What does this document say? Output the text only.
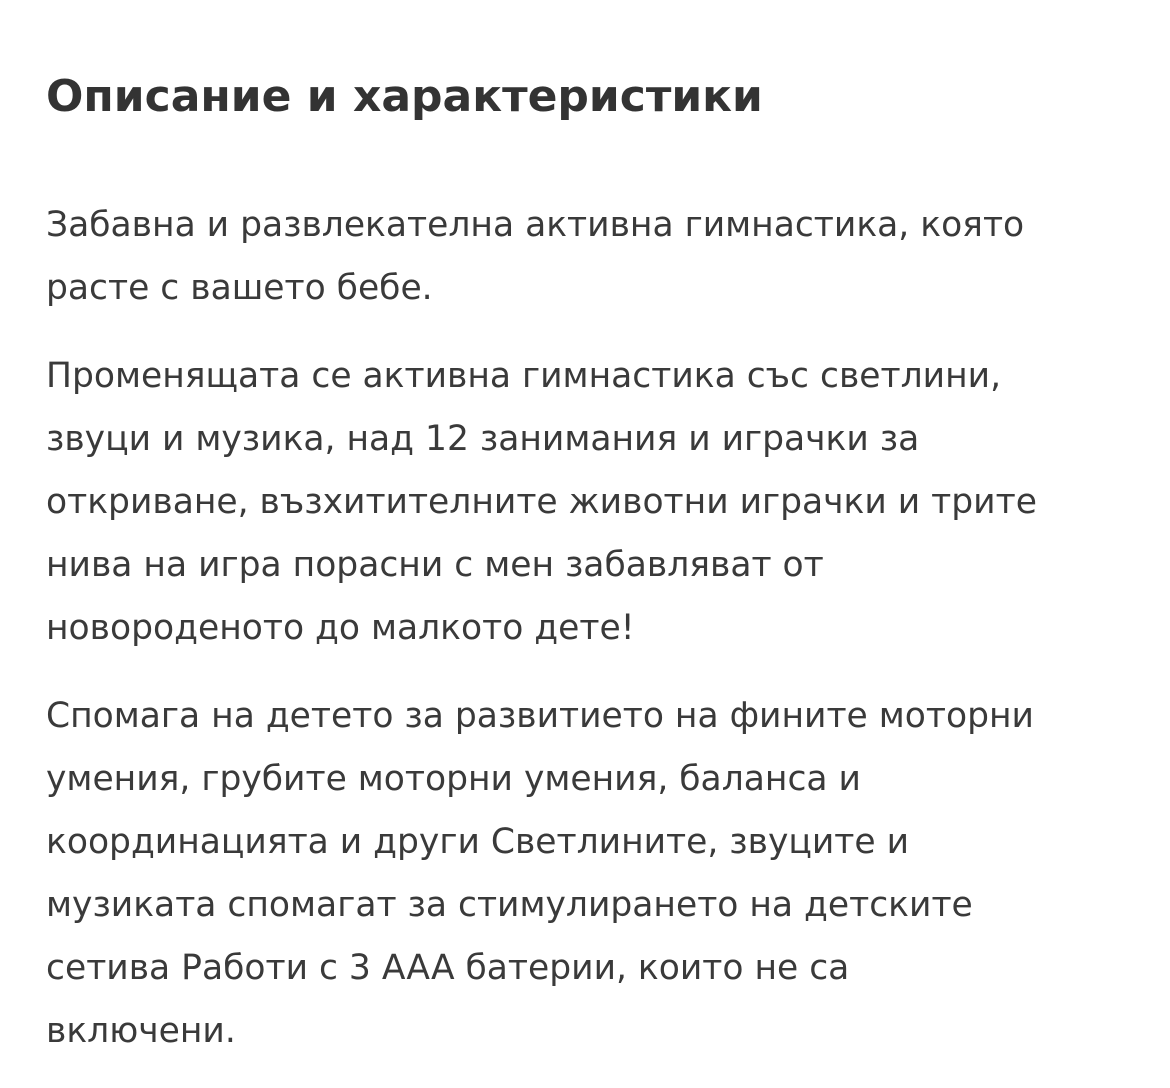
Описание и характеристики

Забавна и развлекателна активна гимнастика, която
расте с вашето бебе.

Променящата се активна гимнастика със светлини,
звуци и музика, над 12 занимания и играчки за
откриване, възхитителните животни играчки и трите
нива на игра порасни с мен забавляват от
новороденото до малкото дете!

Спомага на детето за развитието на фините моторни
умения, грубите моторни умения, баланса и
координацията и други Светлините, звуците и
музиката спомагат за стимулирането на детските
сетива Работи с 3 AAA батерии, които не са
включени.
